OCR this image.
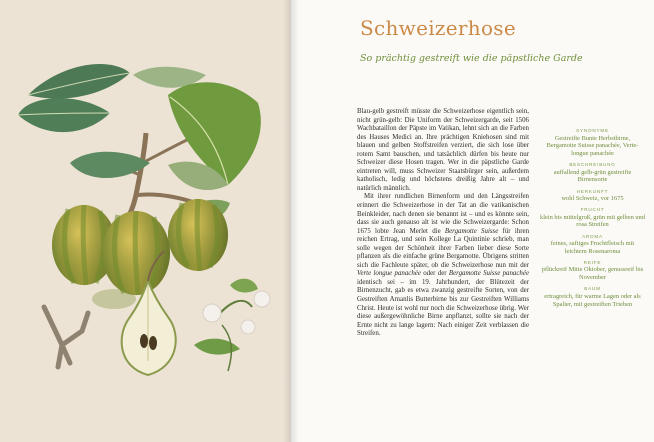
Schweizerhose

So prächtig gestreift wie die päpstliche Garde

Blau-gelb gestreift müsste die Schweizerhose eigentlich sein, nicht grün-gelb: Die Uniform der Schweizergarde, seit 1506 Wachbataillon der Päpste im Vatikan, lehnt sich an die Farben des Hauses Medici an. Ihre prächtigen Kniehosen sind mit blauen und gelben Stoffstreifen verziert, die sich lose über rotem Samt bauschen, und tatsächlich dürfen bis heute nur Schweizer diese Hosen tragen. Wer in die päpstliche Garde eintreten will, muss Schweizer Staatsbürger sein, außerdem katholisch, ledig und höchstens dreißig Jahre alt – und natürlich männlich.

Mit ihrer rundlichen Birnenform und den Längsstreifen erinnert die Schweizerhose in der Tat an die vatikanischen Beinkleider, nach denen sie benannt ist – und es könnte sein, dass sie auch genauso alt ist wie die Schweizergarde: Schon 1675 lobte Jean Merlet die Bergamotte Suisse für ihren reichen Ertrag, und sein Kollege La Quintinie schrieb, man solle wegen der Schönheit ihrer Farben lieber diese Sorte pflanzen als die einfache grüne Bergamotte. Übrigens stritten sich die Fachleute später, ob die Schweizerhose nun mit der Verte longue panachée oder der Bergamotte Suisse panachée identisch sei – im 19. Jahrhundert, der Blütezeit der Birnenzucht, gab es etwa zwanzig gestreifte Sorten, von der Gestreiften Amanlis Butterbirne bis zur Gestreiften Williams Christ. Heute ist wohl nur noch die Schweizerhose übrig. Wer diese außergewöhnliche Birne anpflanzt, sollte sie nach der Ernte nicht zu lange lagern: Nach einiger Zeit verblassen die Streifen.

SYNONYME
Gestreifte Bunte Herbstbirne, Bergamotte Suisse panachée, Verte-longue panachée
BESCHREIBUNG
auffallend gelb-grün gestreifte Birnensorte
HERKUNFT
wohl Schweiz, vor 1675
FRUCHT
klein bis mittelgroß, grün mit gelben und rosa Streifen
AROMA
feines, saftiges Fruchtfleisch mit leichtem Rosenaroma
REIFE
pflückreif Mitte Oktober, genussreif bis November
BAUM
ertragreich, für warme Lagen oder als Spalier, mit gestreiften Trieben
